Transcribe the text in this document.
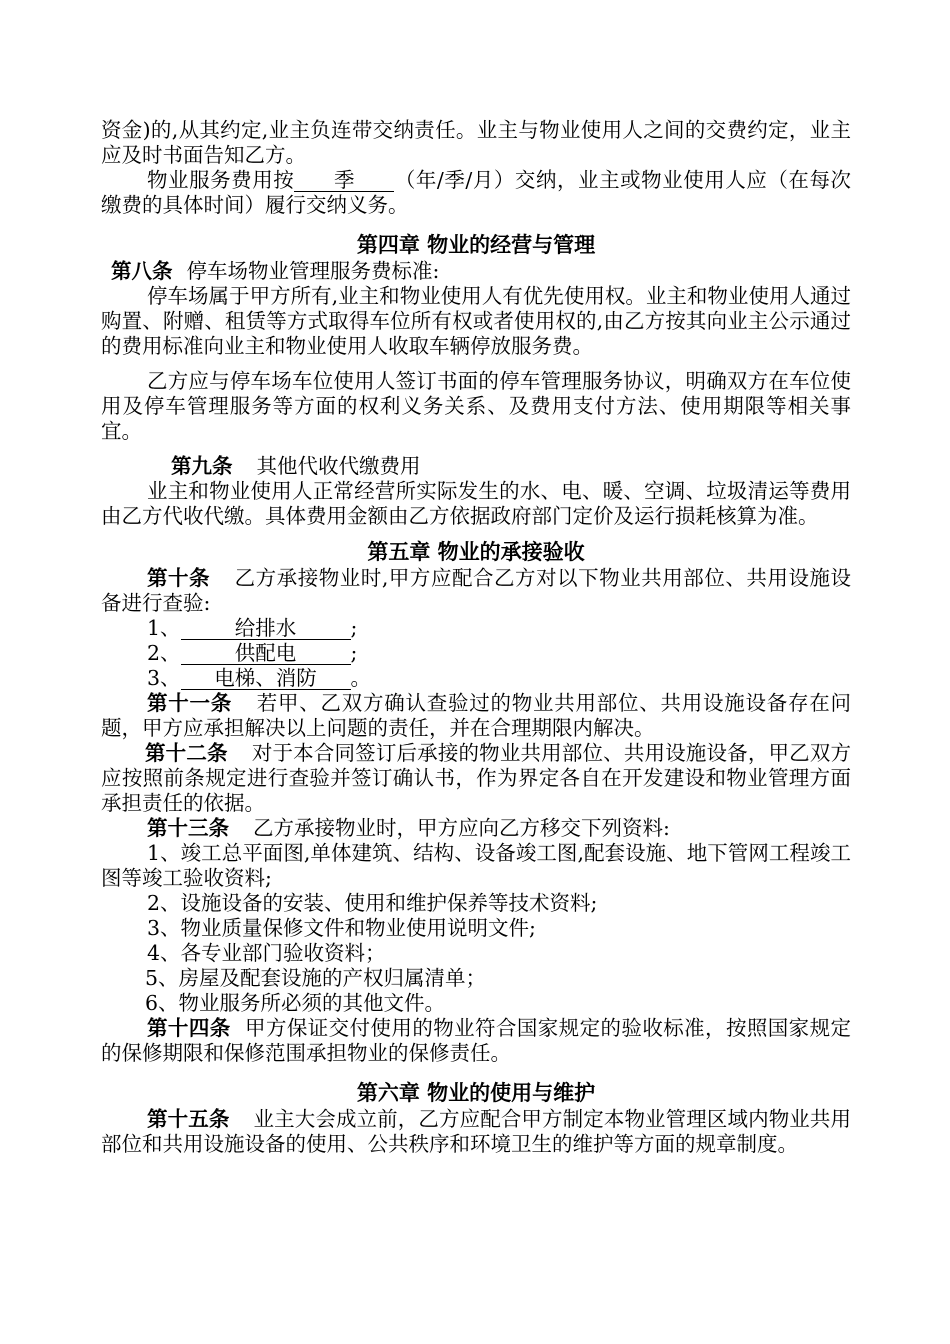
资金)的,从其约定,业主负连带交纳责任。业主与物业使用人之间的交费约定，业主应及时书面告知乙方。

物业服务费用按 季 （年/季/月）交纳，业主或物业使用人应（在每次缴费的具体时间）履行交纳义务。

第四章 物业的经营与管理

第八条 停车场物业管理服务费标准:

停车场属于甲方所有,业主和物业使用人有优先使用权。业主和物业使用人通过购置、附赠、租赁等方式取得车位所有权或者使用权的,由乙方按其向业主公示通过的费用标准向业主和物业使用人收取车辆停放服务费。

乙方应与停车场车位使用人签订书面的停车管理服务协议，明确双方在车位使用及停车管理服务等方面的权利义务关系、及费用支付方法、使用期限等相关事宜。

第九条 其他代收代缴费用

业主和物业使用人正常经营所实际发生的水、电、暖、空调、垃圾清运等费用由乙方代收代缴。具体费用金额由乙方依据政府部门定价及运行损耗核算为准。

第五章 物业的承接验收

第十条 乙方承接物业时,甲方应配合乙方对以下物业共用部位、共用设施设备进行查验:

1、	给排水	;

2、	供配电	;

3、 电梯、消防 。

第十一条 若甲、乙双方确认查验过的物业共用部位、共用设施设备存在问题，甲方应承担解决以上问题的责任，并在合理期限内解决。

第十二条 对于本合同签订后承接的物业共用部位、共用设施设备，甲乙双方应按照前条规定进行查验并签订确认书，作为界定各自在开发建设和物业管理方面承担责任的依据。

第十三条 乙方承接物业时，甲方应向乙方移交下列资料:

1、竣工总平面图,单体建筑、结构、设备竣工图,配套设施、地下管网工程竣工图等竣工验收资料;

2、设施设备的安装、使用和维护保养等技术资料;

3、物业质量保修文件和物业使用说明文件;

4、各专业部门验收资料；

5、房屋及配套设施的产权归属清单；

6、物业服务所必须的其他文件。

第十四条 甲方保证交付使用的物业符合国家规定的验收标准，按照国家规定的保修期限和保修范围承担物业的保修责任。

第六章 物业的使用与维护

第十五条 业主大会成立前，乙方应配合甲方制定本物业管理区域内物业共用部位和共用设施设备的使用、公共秩序和环境卫生的维护等方面的规章制度。
